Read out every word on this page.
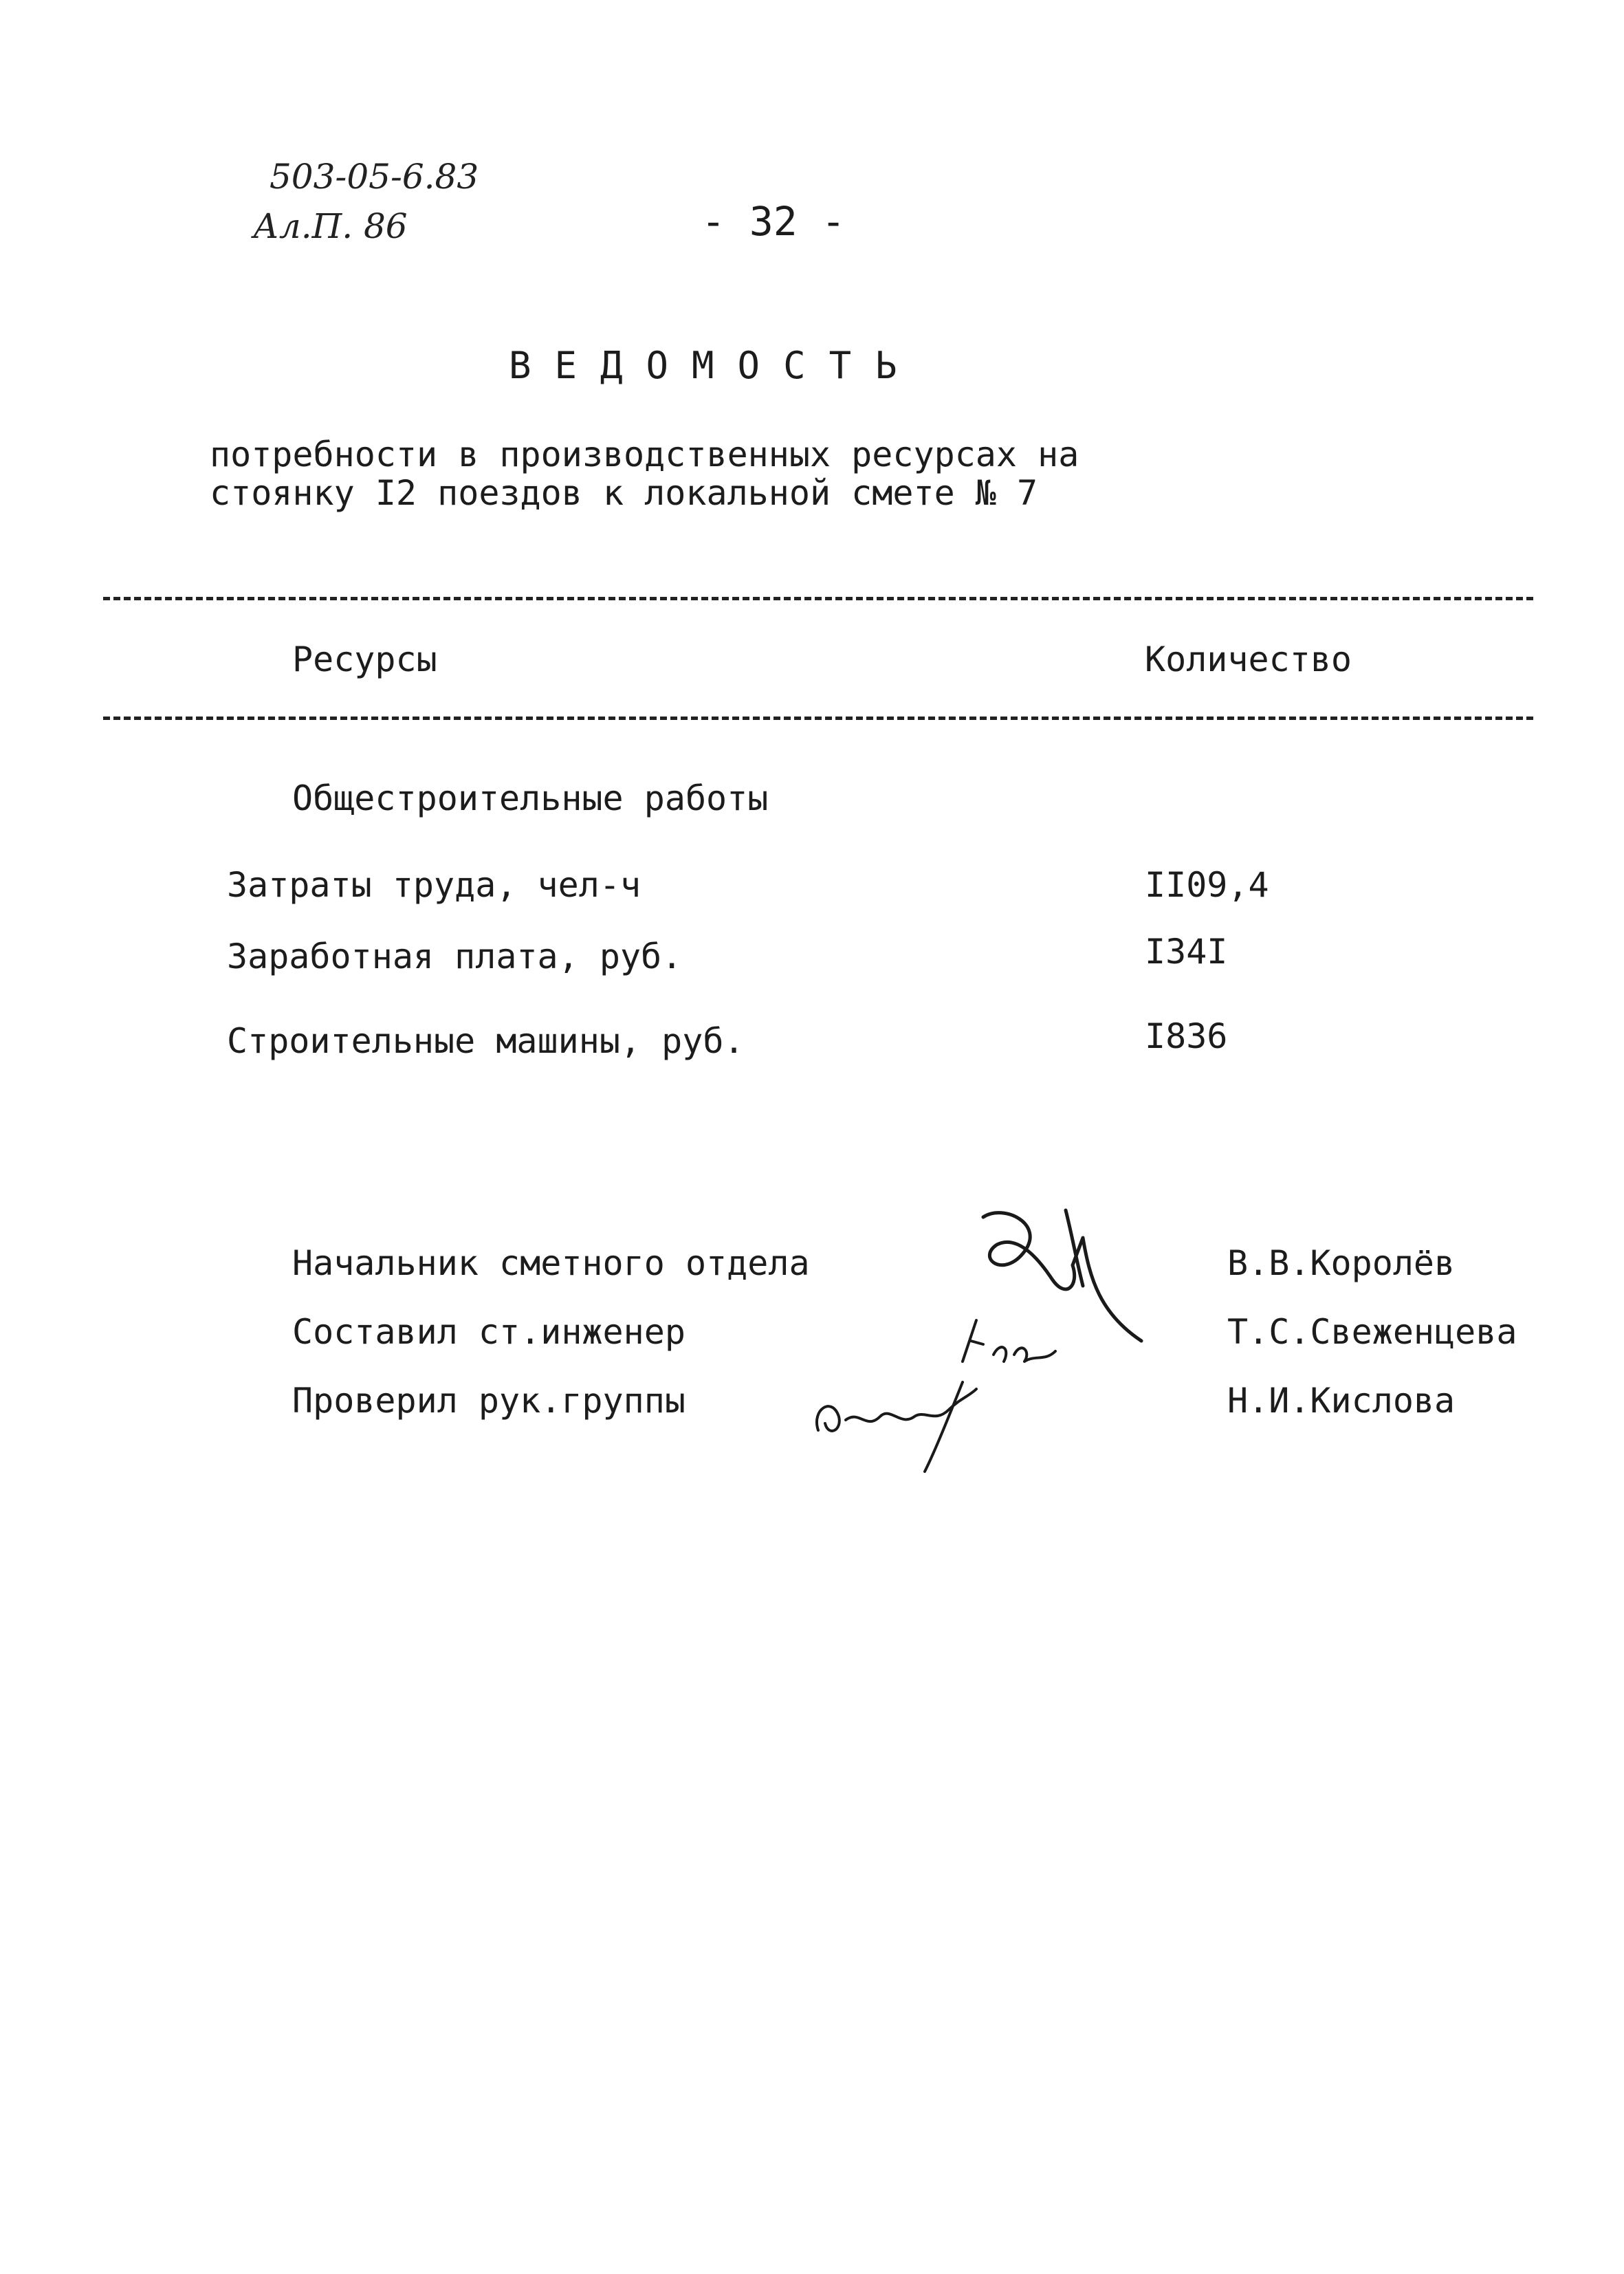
503-05-6.83
Ал.П. 86	- 32 -
ВЕДОМОСТЬ
потребности в производственных ресурсах на
стоянку I2 поездов к локальной смете № 7
Ресурсы	Количество
Общестроительные работы
Затраты труда, чел-ч	II09,4
Заработная плата, руб.	I34I
Строительные машины, руб.	I836
Начальник сметного отдела	В.В.Королёв
Составил ст.инженер	Т.С.Свеженцева
Проверил рук.группы	Н.И.Кислова
